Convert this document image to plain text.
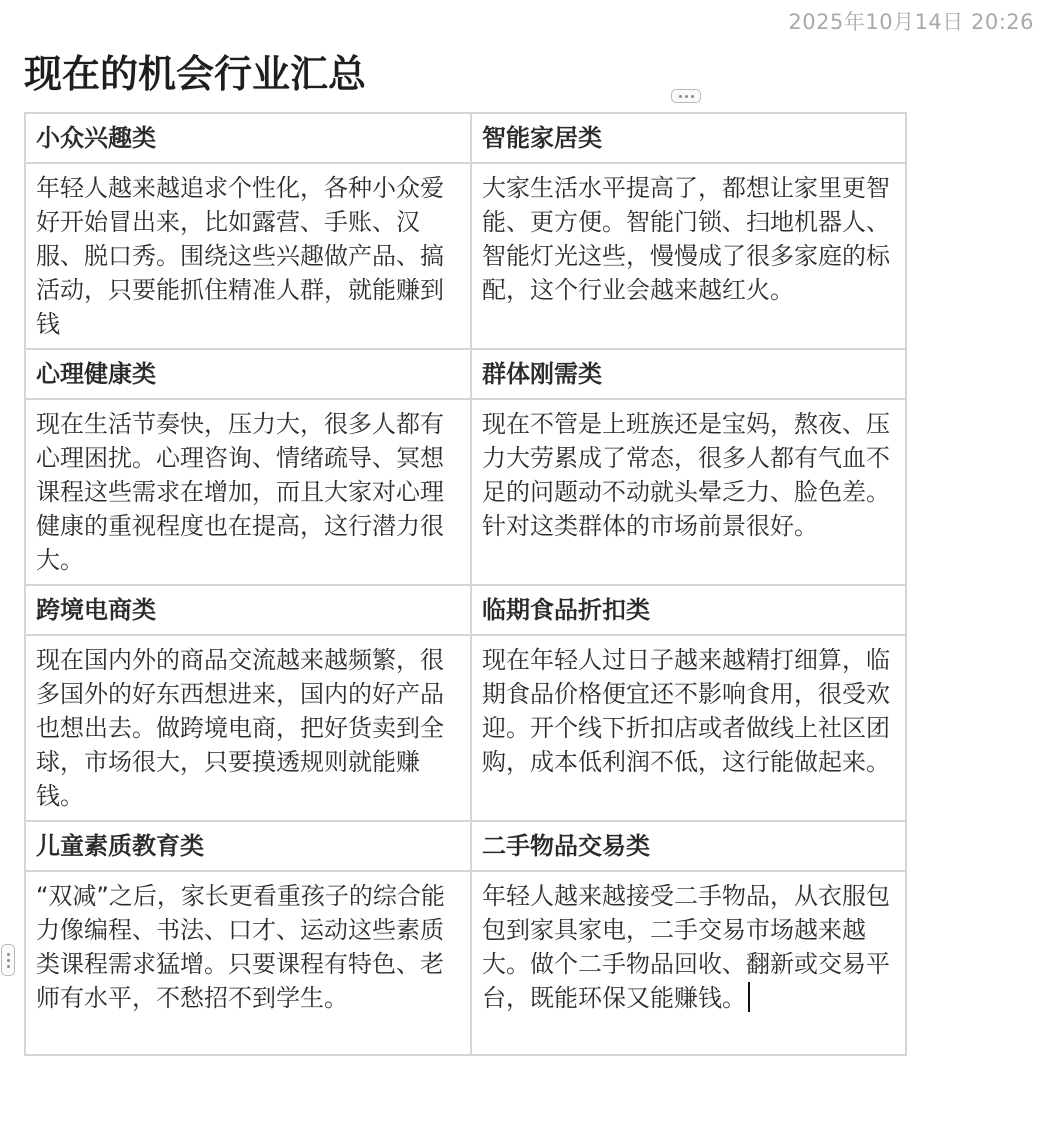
2025年10月14日 20:26
现在的机会行业汇总
小众兴趣类	智能家居类
年轻人越来越追求个性化，各种小众爱好开始冒出来，比如露营、手账、汉服、脱口秀。围绕这些兴趣做产品、搞活动，只要能抓住精准人群，就能赚到钱	大家生活水平提高了，都想让家里更智能、更方便。智能门锁、扫地机器人、智能灯光这些，慢慢成了很多家庭的标配，这个行业会越来越红火。
心理健康类	群体刚需类
现在生活节奏快，压力大，很多人都有心理困扰。心理咨询、情绪疏导、冥想课程这些需求在增加，而且大家对心理健康的重视程度也在提高，这行潜力很大。	现在不管是上班族还是宝妈，熬夜、压力大劳累成了常态，很多人都有气血不足的问题动不动就头晕乏力、脸色差。针对这类群体的市场前景很好。
跨境电商类	临期食品折扣类
现在国内外的商品交流越来越频繁，很多国外的好东西想进来，国内的好产品也想出去。做跨境电商，把好货卖到全球，市场很大，只要摸透规则就能赚钱。	现在年轻人过日子越来越精打细算，临期食品价格便宜还不影响食用，很受欢迎。开个线下折扣店或者做线上社区团购，成本低利润不低，这行能做起来。
儿童素质教育类	二手物品交易类
“双减”之后，家长更看重孩子的综合能力像编程、书法、口才、运动这些素质类课程需求猛增。只要课程有特色、老师有水平，不愁招不到学生。	年轻人越来越接受二手物品，从衣服包包到家具家电，二手交易市场越来越大。做个二手物品回收、翻新或交易平台，既能环保又能赚钱。
